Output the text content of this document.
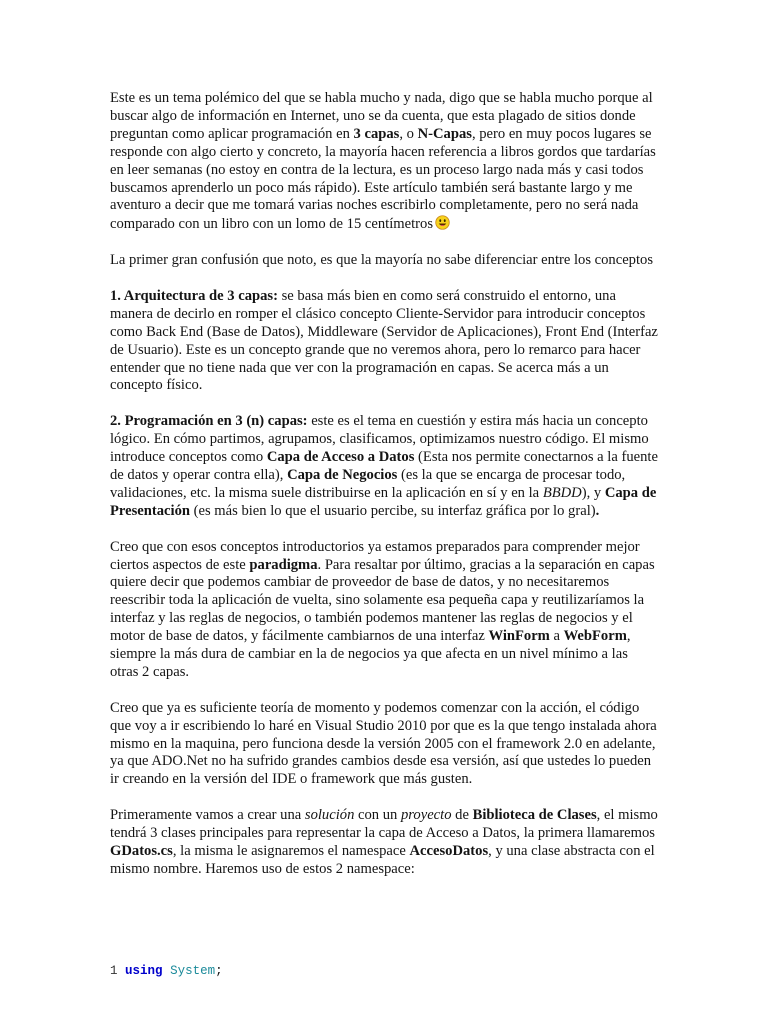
Este es un tema polémico del que se habla mucho y nada, digo que se habla mucho porque al buscar algo de información en Internet, uno se da cuenta, que esta plagado de sitios donde preguntan como aplicar programación en 3 capas, o N-Capas, pero en muy pocos lugares se responde con algo cierto y concreto, la mayoría hacen referencia a libros gordos que tardarías en leer semanas (no estoy en contra de la lectura, es un proceso largo nada más y casi todos buscamos aprenderlo un poco más rápido). Este artículo también será bastante largo y me aventuro a decir que me tomará varias noches escribirlo completamente, pero no será nada comparado con un libro con un lomo de 15 centímetros

La primer gran confusión que noto, es que la mayoría no sabe diferenciar entre los conceptos

1. Arquitectura de 3 capas: se basa más bien en como será construido el entorno, una manera de decirlo en romper el clásico concepto Cliente-Servidor para introducir conceptos como Back End (Base de Datos), Middleware (Servidor de Aplicaciones), Front End (Interfaz de Usuario). Este es un concepto grande que no veremos ahora, pero lo remarco para hacer entender que no tiene nada que ver con la programación en capas. Se acerca más a un concepto físico.

2. Programación en 3 (n) capas: este es el tema en cuestión y estira más hacia un concepto lógico. En cómo partimos, agrupamos, clasificamos, optimizamos nuestro código. El mismo introduce conceptos como Capa de Acceso a Datos (Esta nos permite conectarnos a la fuente de datos y operar contra ella), Capa de Negocios (es la que se encarga de procesar todo, validaciones, etc. la misma suele distribuirse en la aplicación en sí y en la BBDD), y Capa de Presentación (es más bien lo que el usuario percibe, su interfaz gráfica por lo gral).

Creo que con esos conceptos introductorios ya estamos preparados para comprender mejor ciertos aspectos de este paradigma. Para resaltar por último, gracias a la separación en capas quiere decir que podemos cambiar de proveedor de base de datos, y no necesitaremos reescribir toda la aplicación de vuelta, sino solamente esa pequeña capa y reutilizaríamos la interfaz y las reglas de negocios, o también podemos mantener las reglas de negocios y el motor de base de datos, y fácilmente cambiarnos de una interfaz WinForm a WebForm, siempre la más dura de cambiar en la de negocios ya que afecta en un nivel mínimo a las otras 2 capas.

Creo que ya es suficiente teoría de momento y podemos comenzar con la acción, el código que voy a ir escribiendo lo haré en Visual Studio 2010 por que es la que tengo instalada ahora mismo en la maquina, pero funciona desde la versión 2005 con el framework 2.0 en adelante, ya que ADO.Net no ha sufrido grandes cambios desde esa versión, así que ustedes lo pueden ir creando en la versión del IDE o framework que más gusten.

Primeramente vamos a crear una solución con un proyecto de Biblioteca de Clases, el mismo tendrá 3 clases principales para representar la capa de Acceso a Datos, la primera llamaremos GDatos.cs, la misma le asignaremos el namespace AccesoDatos, y una clase abstracta con el mismo nombre. Haremos uso de estos 2 namespace:

1 using System;
